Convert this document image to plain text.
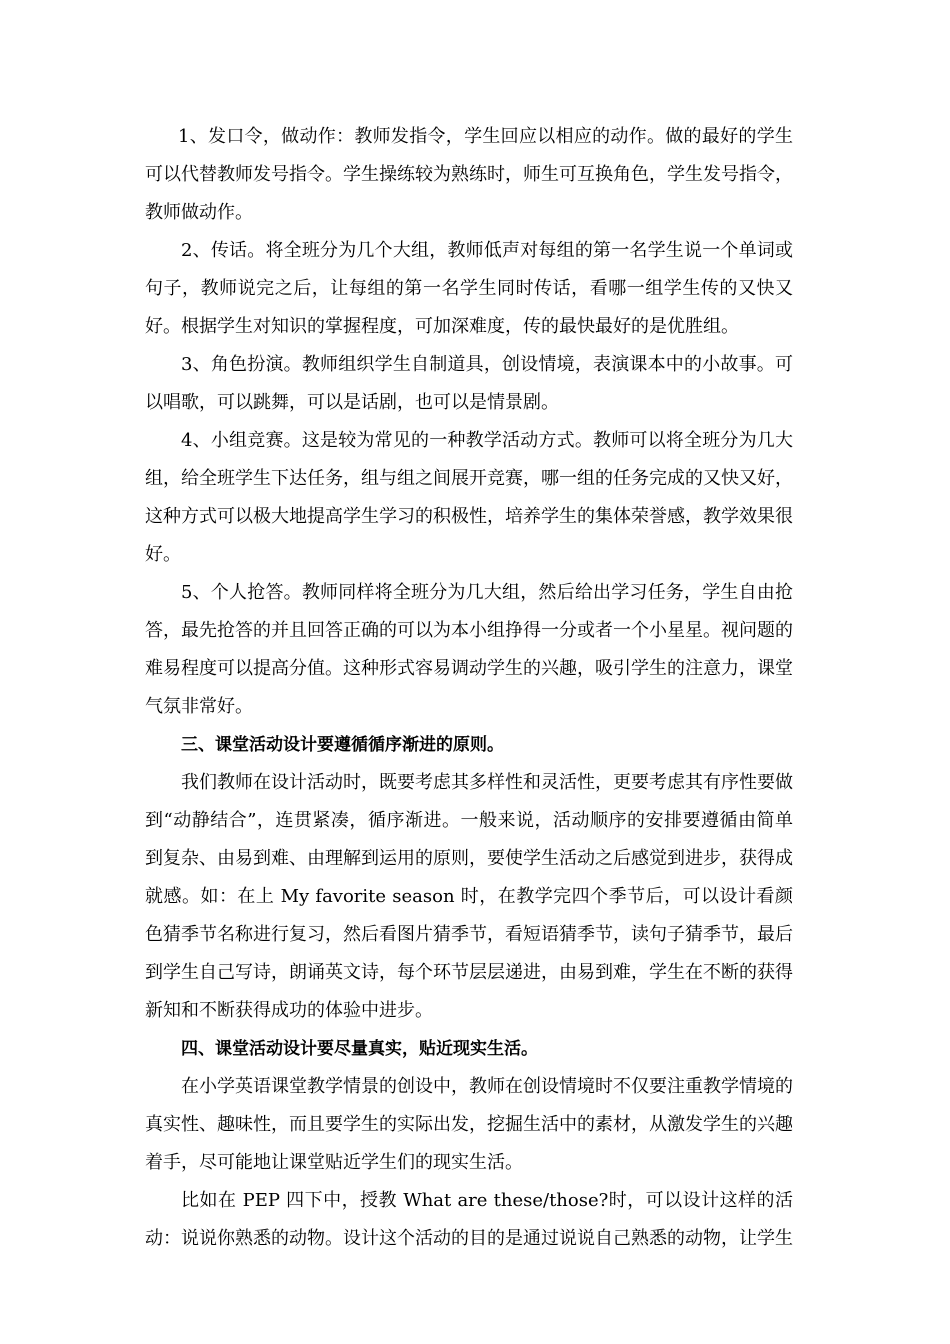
1、发口令，做动作：教师发指令，学生回应以相应的动作。做的最好的学生可以代替教师发号指令。学生操练较为熟练时，师生可互换角色，学生发号指令，教师做动作。

2、传话。将全班分为几个大组，教师低声对每组的第一名学生说一个单词或句子，教师说完之后，让每组的第一名学生同时传话，看哪一组学生传的又快又好。根据学生对知识的掌握程度，可加深难度，传的最快最好的是优胜组。

3、角色扮演。教师组织学生自制道具，创设情境，表演课本中的小故事。可以唱歌，可以跳舞，可以是话剧，也可以是情景剧。

4、小组竞赛。这是较为常见的一种教学活动方式。教师可以将全班分为几大组，给全班学生下达任务，组与组之间展开竞赛，哪一组的任务完成的又快又好，这种方式可以极大地提高学生学习的积极性，培养学生的集体荣誉感，教学效果很好。

5、个人抢答。教师同样将全班分为几大组，然后给出学习任务，学生自由抢答，最先抢答的并且回答正确的可以为本小组挣得一分或者一个小星星。视问题的难易程度可以提高分值。这种形式容易调动学生的兴趣，吸引学生的注意力，课堂气氛非常好。

三、课堂活动设计要遵循循序渐进的原则。

我们教师在设计活动时，既要考虑其多样性和灵活性，更要考虑其有序性要做到“动静结合”，连贯紧凑，循序渐进。一般来说，活动顺序的安排要遵循由简单到复杂、由易到难、由理解到运用的原则，要使学生活动之后感觉到进步，获得成就感。如：在上 My favorite season 时，在教学完四个季节后，可以设计看颜色猜季节名称进行复习，然后看图片猜季节，看短语猜季节，读句子猜季节，最后到学生自己写诗，朗诵英文诗，每个环节层层递进，由易到难，学生在不断的获得新知和不断获得成功的体验中进步。

四、课堂活动设计要尽量真实，贴近现实生活。

在小学英语课堂教学情景的创设中，教师在创设情境时不仅要注重教学情境的真实性、趣味性，而且要学生的实际出发，挖掘生活中的素材，从激发学生的兴趣着手，尽可能地让课堂贴近学生们的现实生活。

比如在 PEP 四下中，授教 What are these/those?时，可以设计这样的活动：说说你熟悉的动物。设计这个活动的目的是通过说说自己熟悉的动物，让学生
